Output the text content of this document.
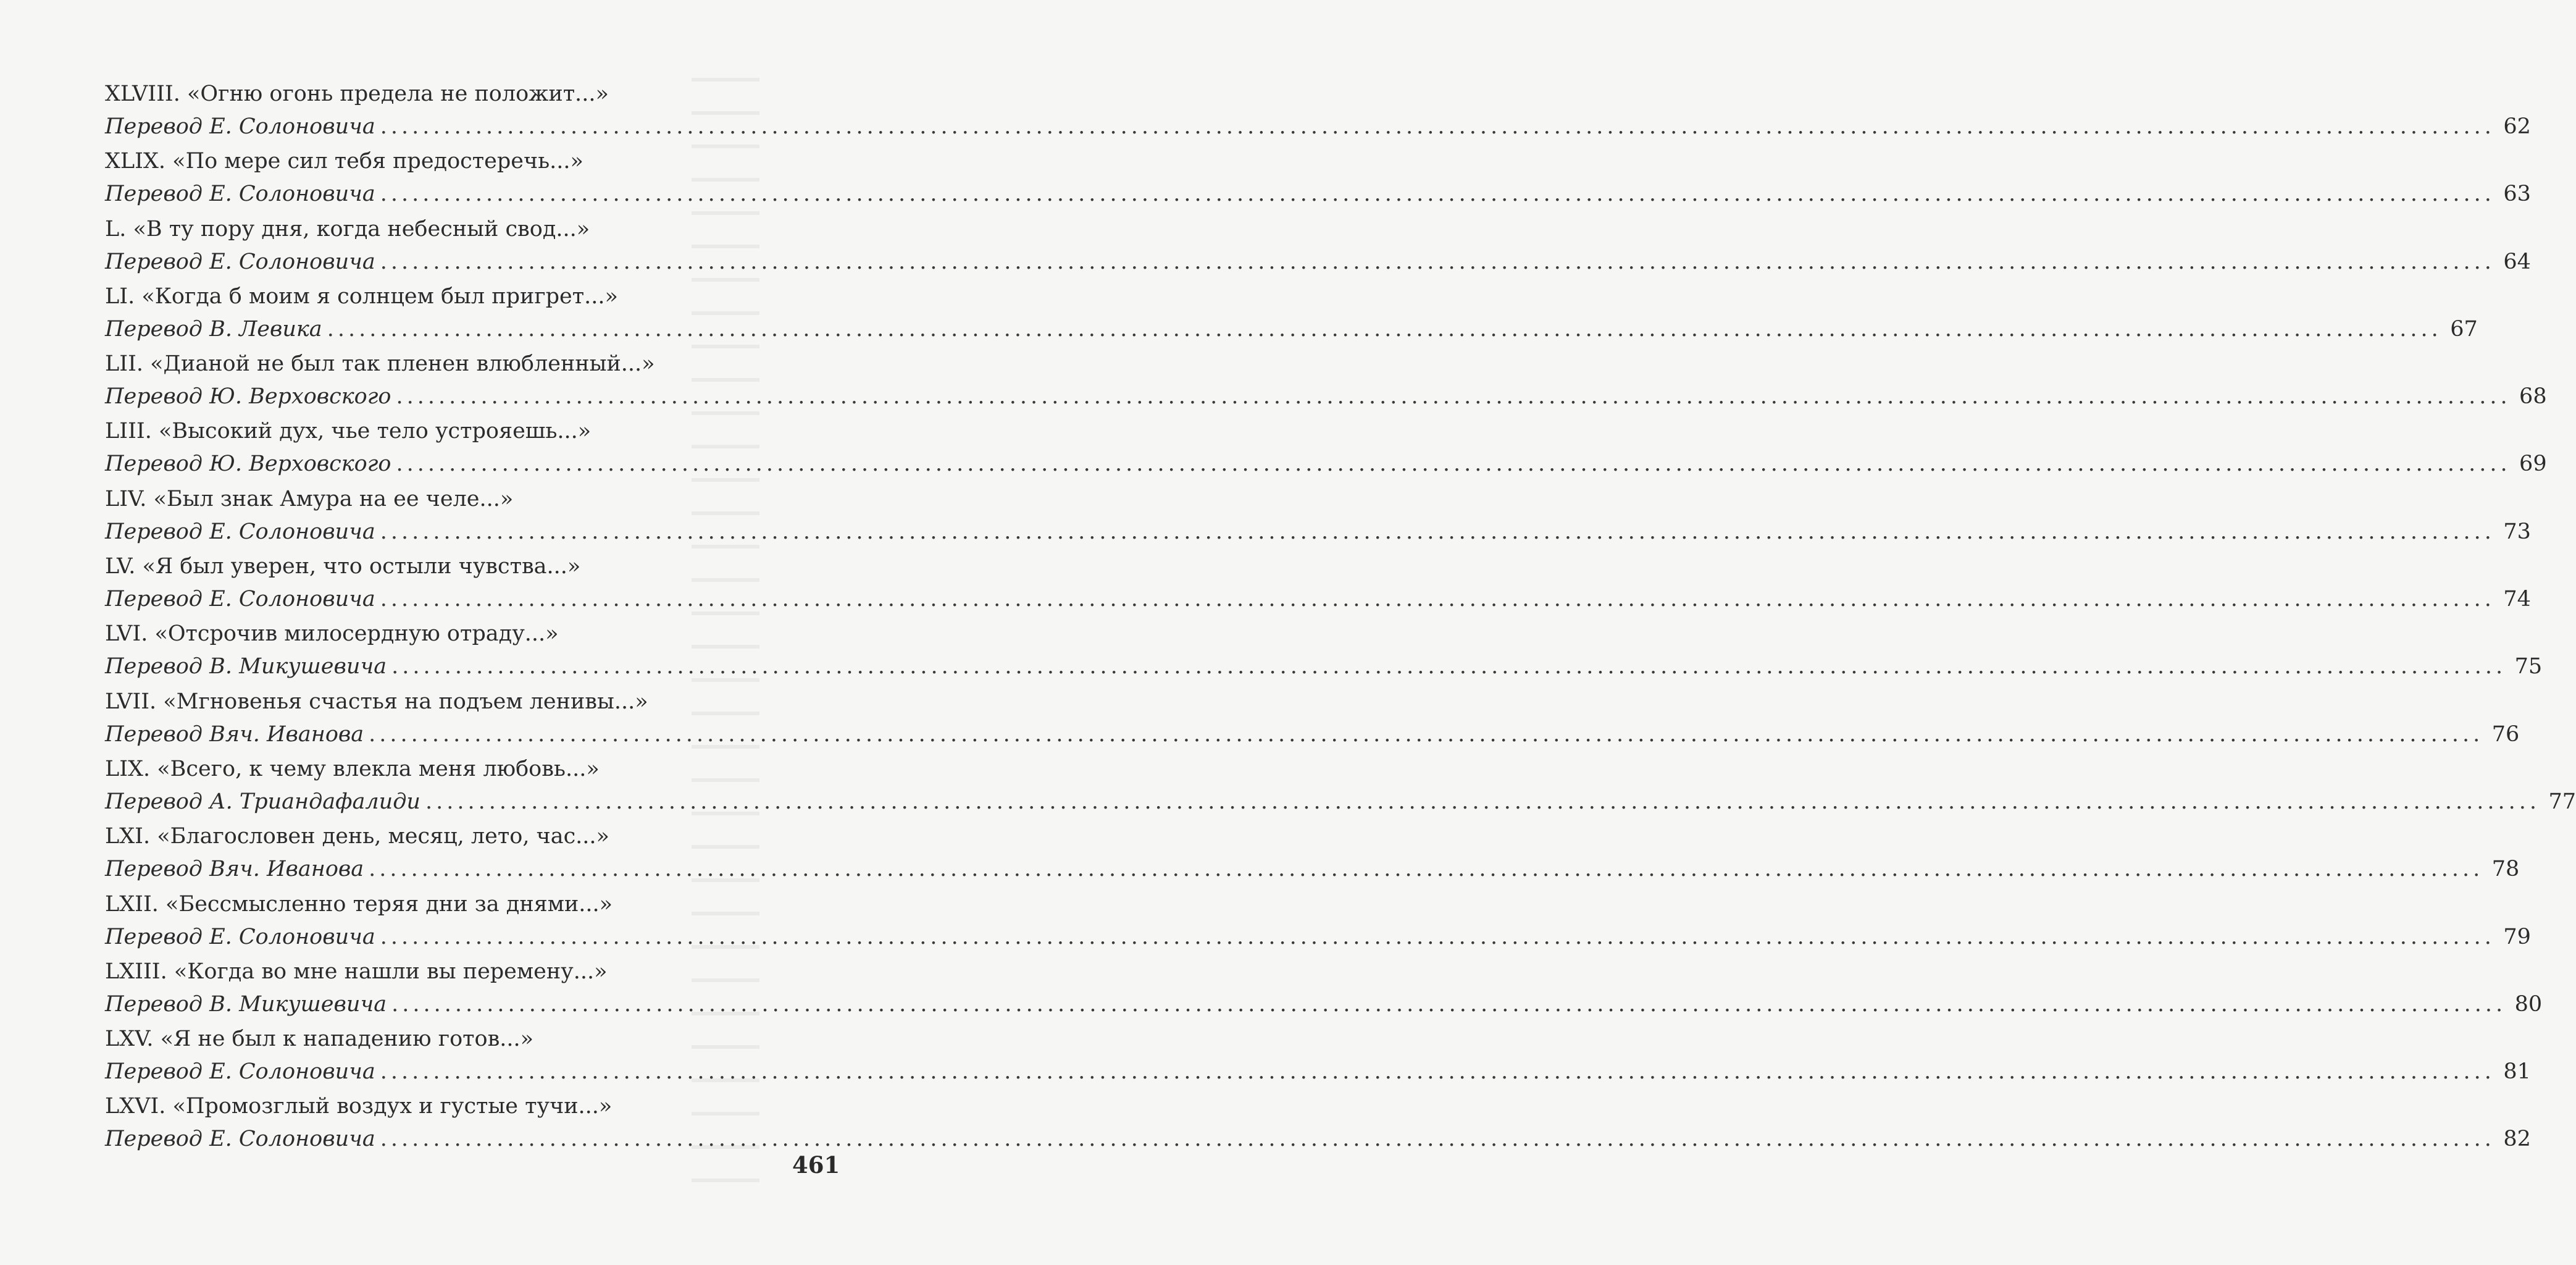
XLVIII. «Огню огонь предела не положит...»
Перевод Е. Солоновича ........................................................................................................................................................................................................ 62
XLIX. «По мере сил тебя предостеречь...»
Перевод Е. Солоновича ........................................................................................................................................................................................................ 63
L. «В ту пору дня, когда небесный свод...»
Перевод Е. Солоновича ........................................................................................................................................................................................................ 64
LI. «Когда б моим я солнцем был пригрет...»
Перевод В. Левика ........................................................................................................................................................................................................ 67
LII. «Дианой не был так пленен влюбленный...»
Перевод Ю. Верховского ........................................................................................................................................................................................................ 68
LIII. «Высокий дух, чье тело устрояешь...»
Перевод Ю. Верховского ........................................................................................................................................................................................................ 69
LIV. «Был знак Амура на ее челе...»
Перевод Е. Солоновича ........................................................................................................................................................................................................ 73
LV. «Я был уверен, что остыли чувства...»
Перевод Е. Солоновича ........................................................................................................................................................................................................ 74
LVI. «Отсрочив милосердную отраду...»
Перевод В. Микушевича ........................................................................................................................................................................................................ 75
LVII. «Мгновенья счастья на подъем ленивы...»
Перевод Вяч. Иванова ........................................................................................................................................................................................................ 76
LIX. «Всего, к чему влекла меня любовь...»
Перевод А. Триандафалиди ........................................................................................................................................................................................................ 77
LXI. «Благословен день, месяц, лето, час...»
Перевод Вяч. Иванова ........................................................................................................................................................................................................ 78
LXII. «Бессмысленно теряя дни за днями...»
Перевод Е. Солоновича ........................................................................................................................................................................................................ 79
LXIII. «Когда во мне нашли вы перемену...»
Перевод В. Микушевича ........................................................................................................................................................................................................ 80
LXV. «Я не был к нападению готов...»
Перевод Е. Солоновича ........................................................................................................................................................................................................ 81
LXVI. «Промозглый воздух и густые тучи...»
Перевод Е. Солоновича ........................................................................................................................................................................................................ 82
461
